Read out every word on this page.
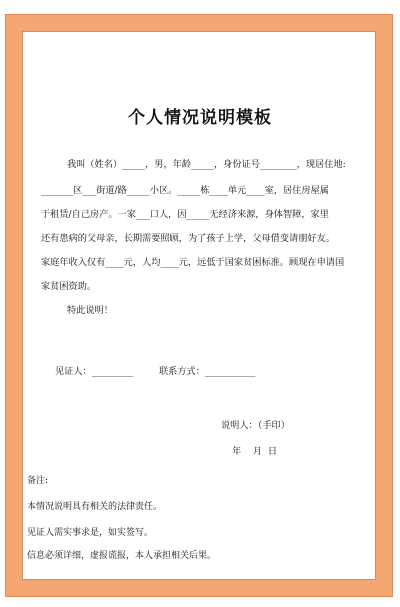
个人情况说明模板
我叫（姓名）_____，男，年龄_____，身份证号________，现居住地:
_______区___街道/路_____小区。_____栋____单元____室，居住房屋属
于租赁/自己房产。一家___口人，因_____无经济来源，身体智障，家里
还有患病的父母亲，长期需要照顾，为了孩子上学，父母借变请朋好友。
家庭年收入仅有____元，人均____元，远低于国家贫困标准。顾现在申请国
家贫困资助。
特此说明！
见证人：_________	联系方式：___________
说明人：（手印）
年    月  日
备注:
本情况说明具有相关的法律责任。
见证人需实事求是，如实签写。
信息必须详细，虚报谎报，本人承担相关后果。
